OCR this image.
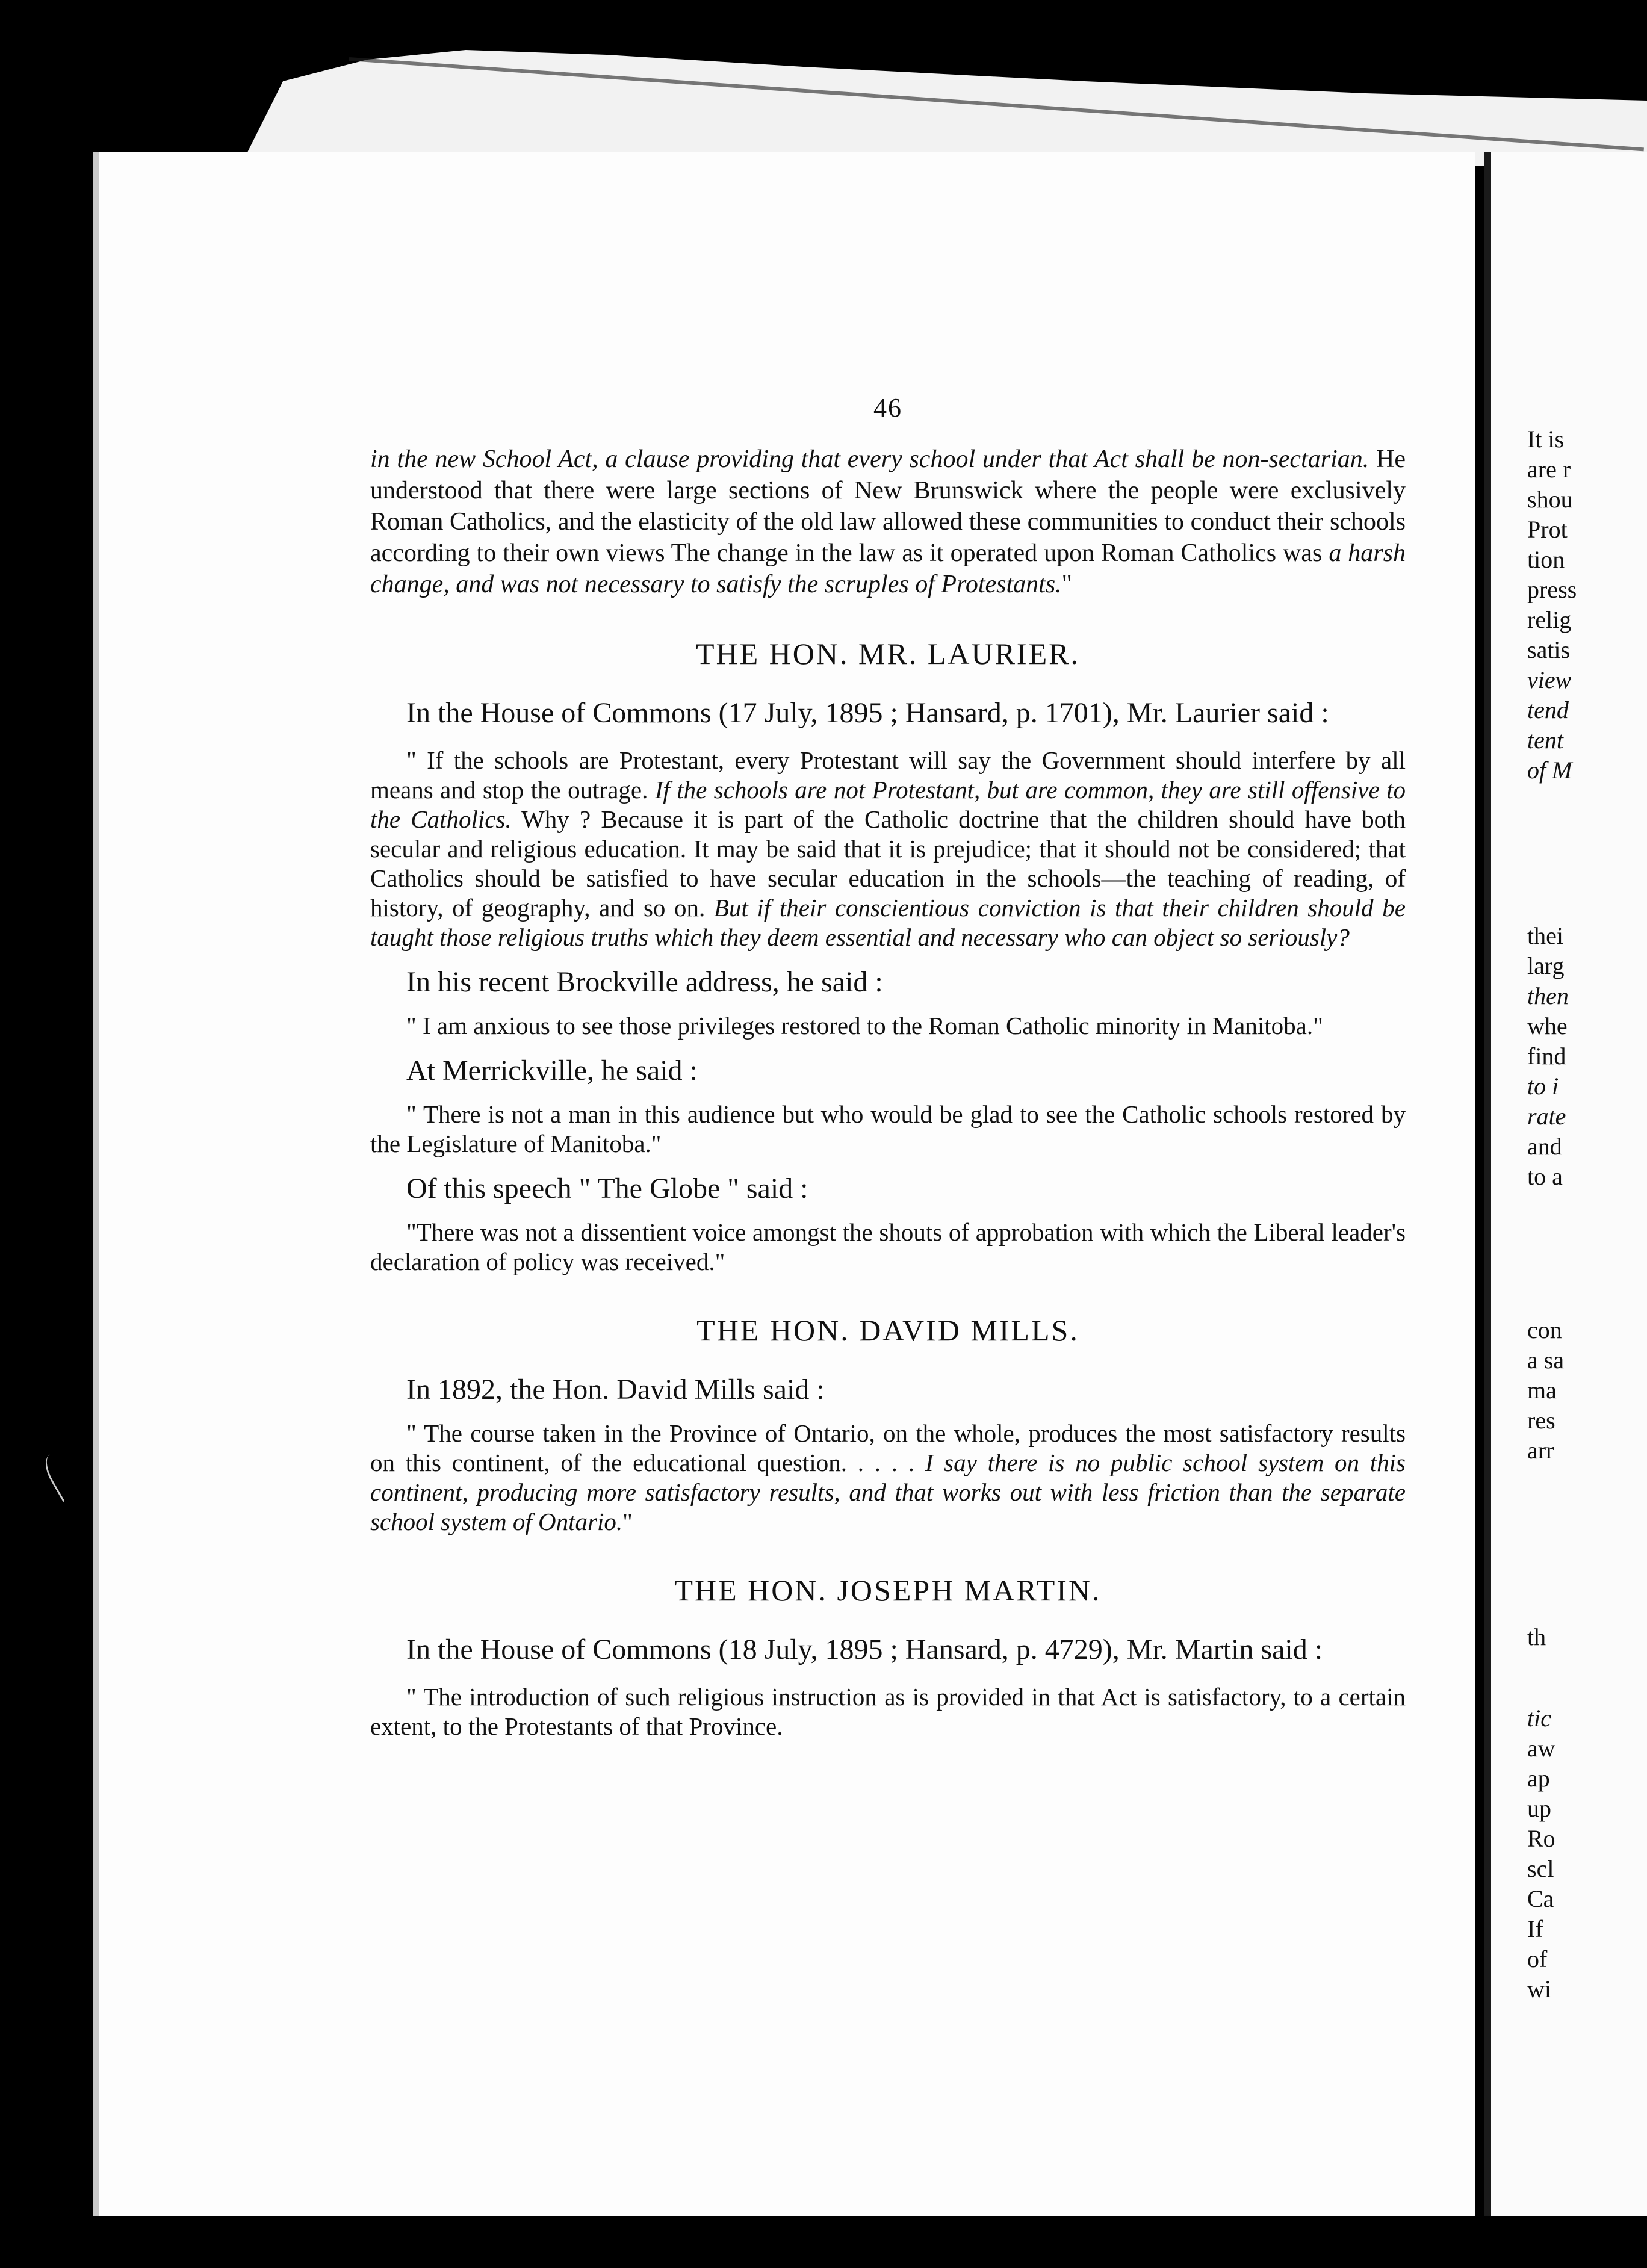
46

in the new School Act, a clause providing that every school under that Act shall be non-sectarian. He understood that there were large sections of New Brunswick where the people were exclusively Roman Catholics, and the elasticity of the old law allowed these communities to conduct their schools according to their own views The change in the law as it operated upon Roman Catholics was a harsh change, and was not necessary to satisfy the scruples of Protestants."

THE HON. MR. LAURIER.

In the House of Commons (17 July, 1895 ; Hansard, p. 1701), Mr. Laurier said :

" If the schools are Protestant, every Protestant will say the Government should interfere by all means and stop the outrage. If the schools are not Protestant, but are common, they are still offensive to the Catholics. Why ? Because it is part of the Catholic doctrine that the children should have both secular and religious education. It may be said that it is prejudice; that it should not be considered; that Catholics should be satisfied to have secular education in the schools—the teaching of reading, of history, of geography, and so on. But if their conscientious conviction is that their children should be taught those religious truths which they deem essential and necessary who can object so seriously?

In his recent Brockville address, he said :

" I am anxious to see those privileges restored to the Roman Catholic minority in Manitoba."

At Merrickville, he said :

" There is not a man in this audience but who would be glad to see the Catholic schools restored by the Legislature of Manitoba."

Of this speech " The Globe " said :

"There was not a dissentient voice amongst the shouts of approbation with which the Liberal leader's declaration of policy was received."

THE HON. DAVID MILLS.

In 1892, the Hon. David Mills said :

" The course taken in the Province of Ontario, on the whole, produces the most satisfactory results on this continent, of the educational question. . . . . I say there is no public school system on this continent, producing more satisfactory results, and that works out with less friction than the separate school system of Ontario."

THE HON. JOSEPH MARTIN.

In the House of Commons (18 July, 1895 ; Hansard, p. 4729), Mr. Martin said :

" The introduction of such religious instruction as is provided in that Act is satisfactory, to a certain extent, to the Protestants of that Province.

It is
are r
shou
Prot
tion
press
relig
satis
view
tend
tent
of M
thei
larg
then
whe
find
to i
rate
and
to a
con
a sa
ma
res
arr
th
tic
aw
ap
up
Ro
scl
Ca
If
of
wi
